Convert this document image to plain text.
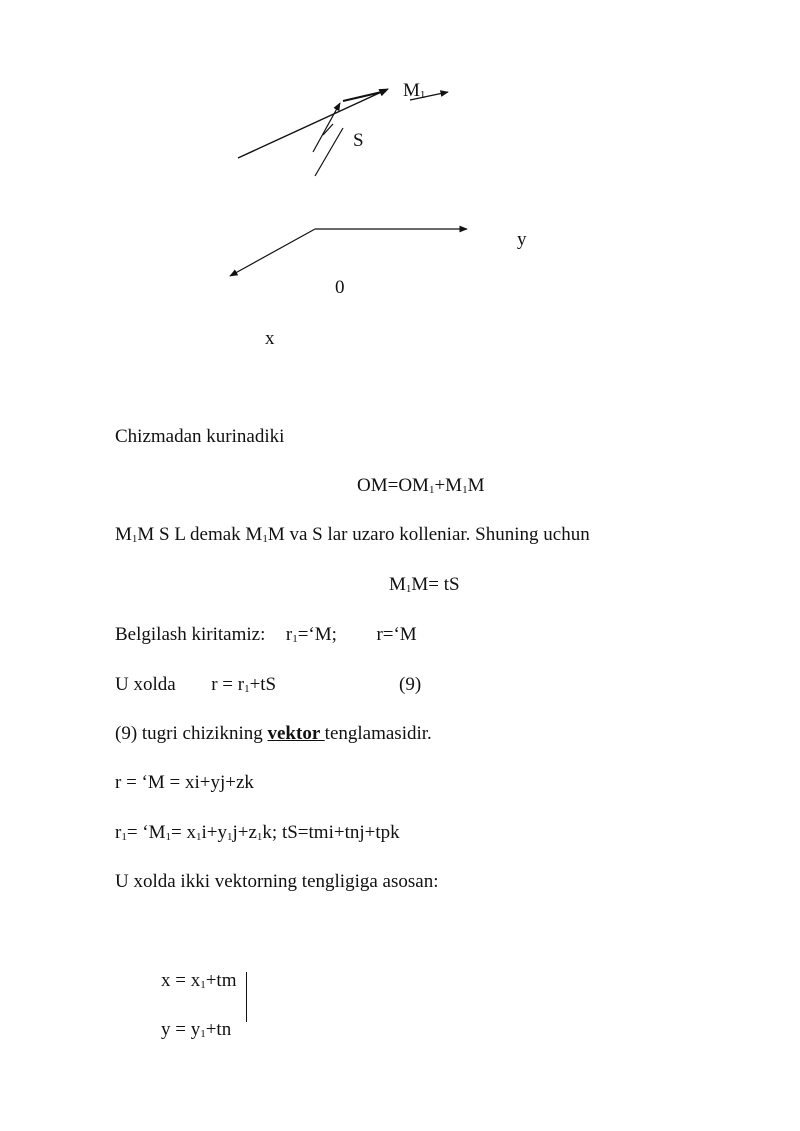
$M_1$
S
y
0
x
Chizmadan kurinadiki
$OM=OM_1+M_1M$
$M_1M$ S L demak $M_1M$ va S lar uzaro kolleniar. Shuning uchun
$M_1M=$ tS
Belgilash kiritamiz: $r_1=‘M$; r=‘M
U xolda $r = r_1+tS$	(9)
(9) tugri chizikning vektor tenglamasidir.
r = ‘M = xi+yj+zk
$r_1=$ ‘$M_1= x_1i+y_1j+z_1k$; tS=tmi+tnj+tpk
U xolda ikki vektorning tengligiga asosan:
$x = x_1+tm$
$y = y_1+tn$
